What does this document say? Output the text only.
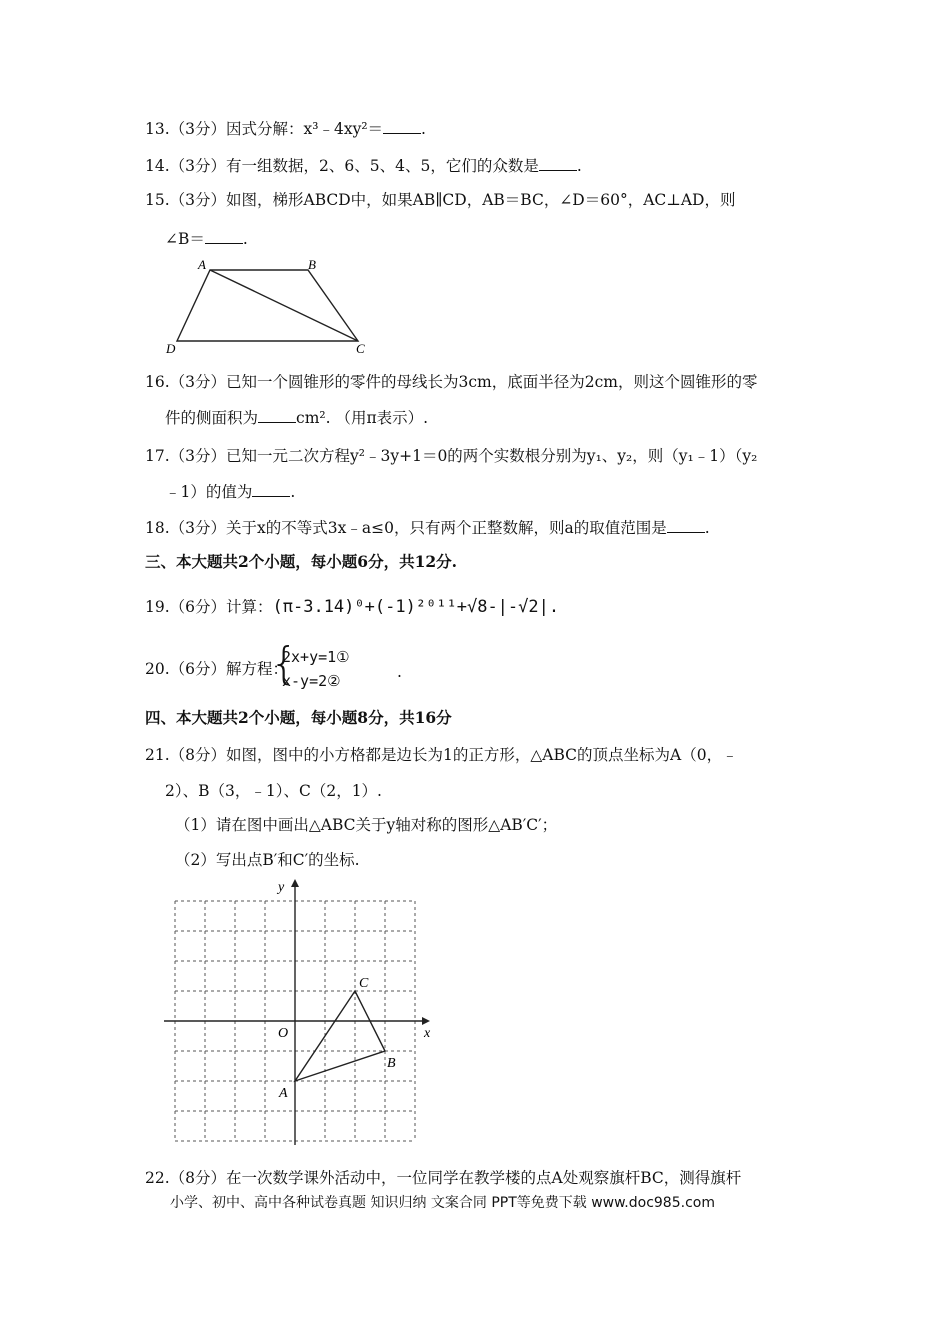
13.（3分）因式分解：x³﹣4xy²＝ .
14.（3分）有一组数据，2、6、5、4、5，它们的众数是 .
15.（3分）如图，梯形ABCD中，如果AB∥CD，AB＝BC，∠D＝60°，AC⊥AD，则
∠B＝ .
A	B
C
D
16.（3分）已知一个圆锥形的零件的母线长为3cm，底面半径为2cm，则这个圆锥形的零
件的侧面积为 cm². （用π表示）.
17.（3分）已知一元二次方程y²﹣3y+1＝0的两个实数根分别为y₁、y₂，则（y₁﹣1）（y₂
﹣1）的值为 .
18.（3分）关于x的不等式3x﹣a≤0，只有两个正整数解，则a的取值范围是 .
三、本大题共2个小题，每小题6分，共12分.
19.（6分）计算：(π-3.14)⁰+(-1)²⁰¹¹+√8-|-√2|.
20.（6分）解方程：
{
2x+y=1①
x-y=2②	.
四、本大题共2个小题，每小题8分，共16分
21.（8分）如图，图中的小方格都是边长为1的正方形，△ABC的顶点坐标为A（0，﹣
2）、B（3，﹣1）、C（2，1）.
（1）请在图中画出△ABC关于y轴对称的图形△AB′C′；
（2）写出点B′和C′的坐标.
x
y
O
A
B
C
22.（8分）在一次数学课外活动中，一位同学在教学楼的点A处观察旗杆BC，测得旗杆
小学、初中、高中各种试卷真题 知识归纳 文案合同 PPT等免费下载 www.doc985.com
